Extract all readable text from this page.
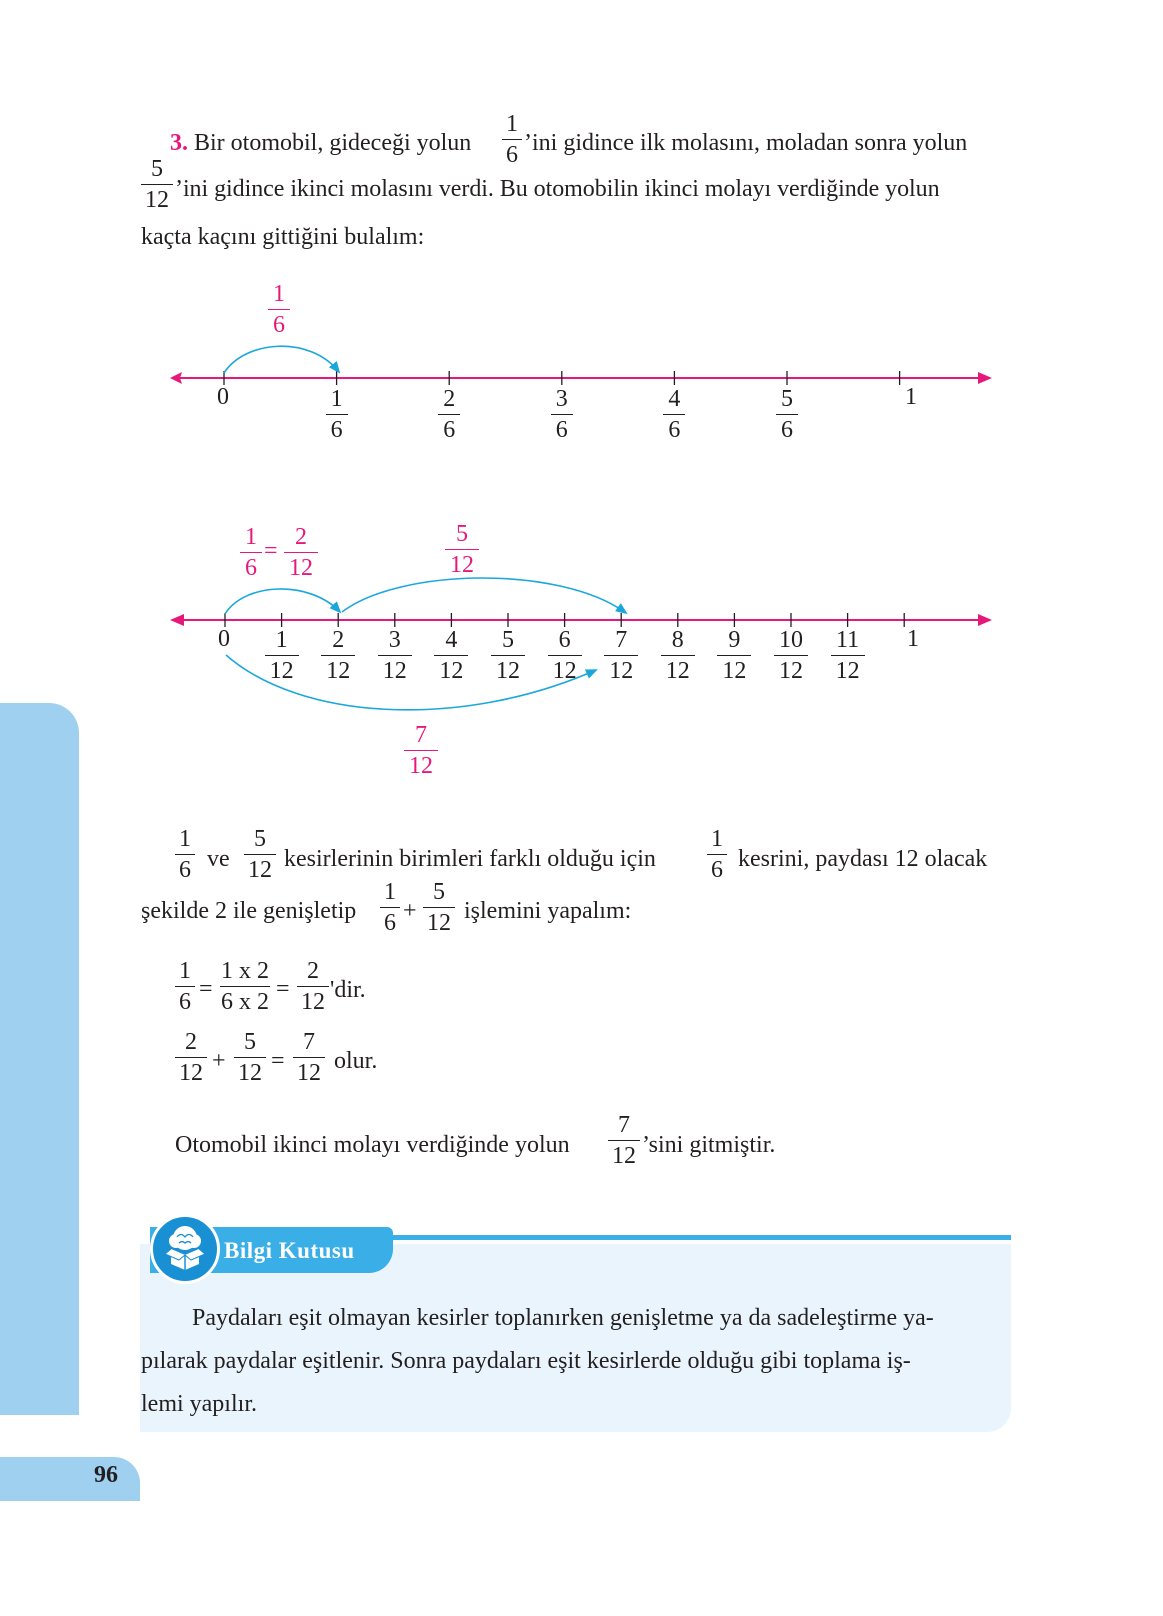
96
3. Bir otomobil, gideceği yolun
1
6 ’ini gidince ilk molasını, moladan sonra yolun
5
12 ’ini gidince ikinci molasını verdi. Bu otomobilin ikinci molayı verdiğinde yolun
kaçta kaçını gittiğini bulalım:
1
6
0	1
1
6
2
6
3
6
4
6
5
6
1
6
=
2
12
5
12
7
12
0	1
1
12
2
12
3
12
4
12
5
12
6
12
7
12
8
12
9
12
10
12
11
12
1
6 ve
5
12 kesirlerinin birimleri farklı olduğu için
1
6 kesrini, paydası 12 olacak
şekilde 2 ile genişletip
1
6 +
5
12 işlemini yapalım:
1
6 =
1 x 2
6 x 2 =
2
12 'dir.
2
12 +
5
12 =
7
12 olur.
Otomobil ikinci molayı verdiğinde yolun
7
12 ’sini gitmiştir.
Bilgi Kutusu
Paydaları eşit olmayan kesirler toplanırken genişletme ya da sadeleştirme ya-
pılarak paydalar eşitlenir. Sonra paydaları eşit kesirlerde olduğu gibi toplama iş-
lemi yapılır.
